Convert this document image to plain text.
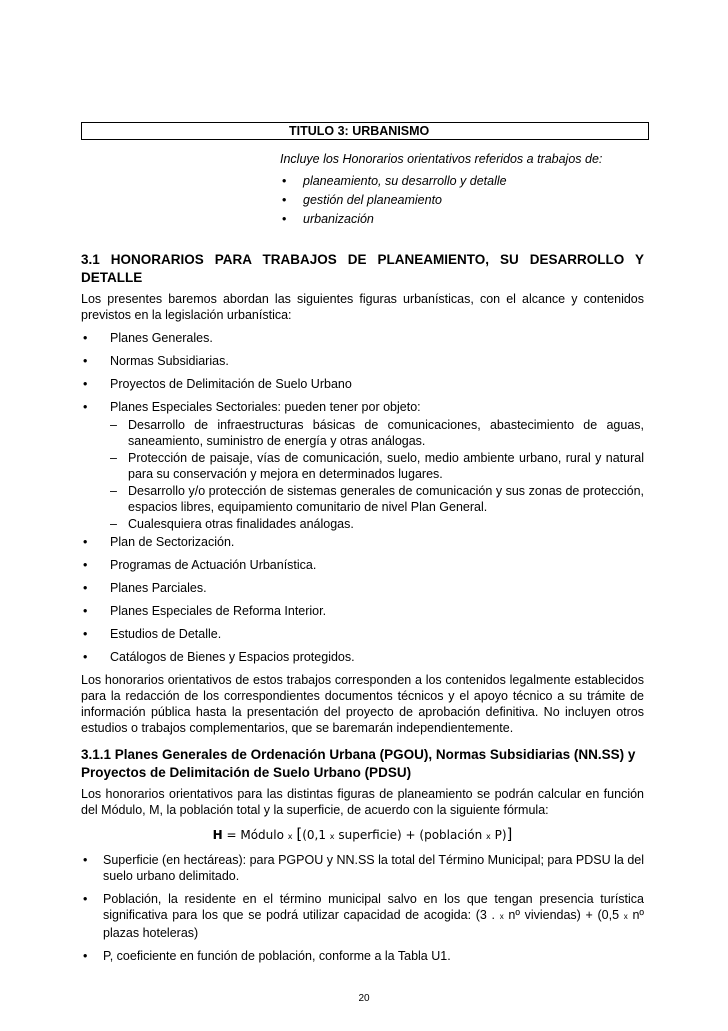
TITULO 3: URBANISMO
Incluye los Honorarios orientativos referidos a trabajos de:
• planeamiento, su desarrollo y detalle
• gestión del planeamiento
• urbanización
3.1 HONORARIOS PARA TRABAJOS DE PLANEAMIENTO, SU DESARROLLO Y DETALLE

Los presentes baremos abordan las siguientes figuras urbanísticas, con el alcance y contenidos previstos en la legislación urbanística:

• Planes Generales.
• Normas Subsidiarias.
• Proyectos de Delimitación de Suelo Urbano
• Planes Especiales Sectoriales: pueden tener por objeto:
– Desarrollo de infraestructuras básicas de comunicaciones, abastecimiento de aguas, saneamiento, suministro de energía y otras análogas.
– Protección de paisaje, vías de comunicación, suelo, medio ambiente urbano, rural y natural para su conservación y mejora en determinados lugares.
– Desarrollo y/o protección de sistemas generales de comunicación y sus zonas de protección, espacios libres, equipamiento comunitario de nivel Plan General.
– Cualesquiera otras finalidades análogas.
• Plan de Sectorización.
• Programas de Actuación Urbanística.
• Planes Parciales.
• Planes Especiales de Reforma Interior.
• Estudios de Detalle.
• Catálogos de Bienes y Espacios protegidos.

Los honorarios orientativos de estos trabajos corresponden a los contenidos legalmente establecidos para la redacción de los correspondientes documentos técnicos y el apoyo técnico a su trámite de información pública hasta la presentación del proyecto de aprobación definitiva. No incluyen otros estudios o trabajos complementarios, que se baremarán independientemente.

3.1.1 Planes Generales de Ordenación Urbana (PGOU), Normas Subsidiarias (NN.SS) y Proyectos de Delimitación de Suelo Urbano (PDSU)

Los honorarios orientativos para las distintas figuras de planeamiento se podrán calcular en función del Módulo, M, la población total y la superficie, de acuerdo con la siguiente fórmula:

H = Módulo x [(0,1 x superficie) + (población x P)]
• Superficie (en hectáreas): para PGPOU y NN.SS la total del Término Municipal; para PDSU la del suelo urbano delimitado.
• Población, la residente en el término municipal salvo en los que tengan presencia turística significativa para los que se podrá utilizar capacidad de acogida: (3 . x nº viviendas) + (0,5 x nº plazas hoteleras)
• P, coeficiente en función de población, conforme a la Tabla U1.
20
